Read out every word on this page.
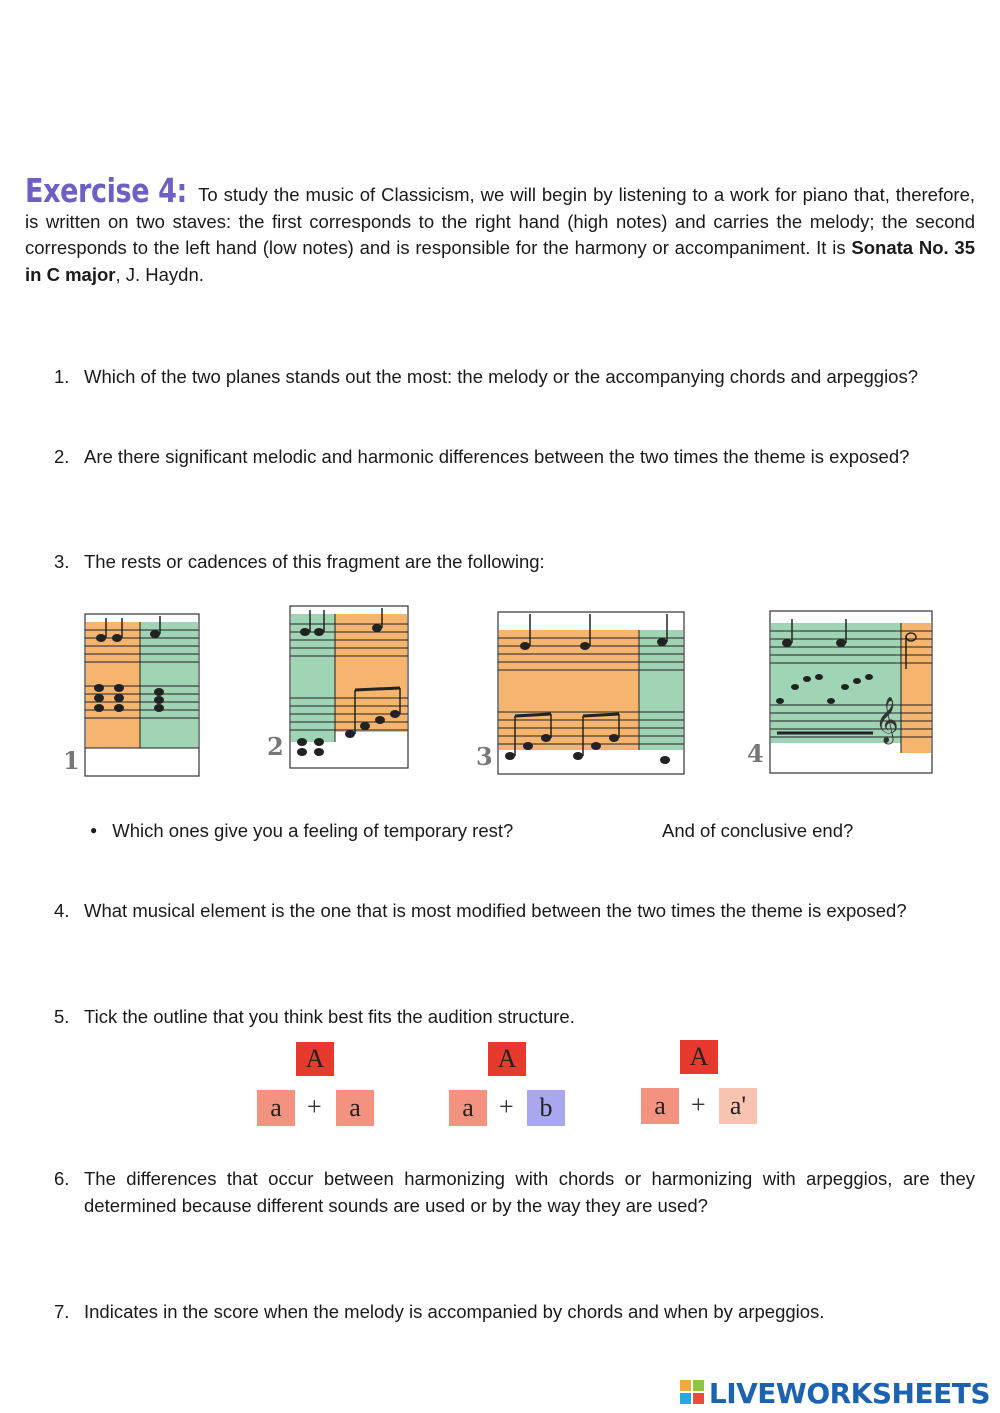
Exercise 4: To study the music of Classicism, we will begin by listening to a work for piano that, therefore, is written on two staves: the first corresponds to the right hand (high notes) and carries the melody; the second corresponds to the left hand (low notes) and is responsible for the harmony or accompaniment. It is Sonata No. 35 in C major, J. Haydn.
1. Which of the two planes stands out the most: the melody or the accompanying chords and arpeggios?
2. Are there significant melodic and harmonic differences between the two times the theme is exposed?
3. The rests or cadences of this fragment are the following:
1	2	3
𝄞
4
● Which ones give you a feeling of temporary rest?	And of conclusive end?
4. What musical element is the one that is most modified between the two times the theme is exposed?
5. Tick the outline that you think best fits the audition structure.
A
a +	a
A
a + b
A
a + a'
6. The differences that occur between harmonizing with chords or harmonizing with arpeggios, are they determined because different sounds are used or by the way they are used?
7. Indicates in the score when the melody is accompanied by chords and when by arpeggios.
LIVEWORKSHEETS
